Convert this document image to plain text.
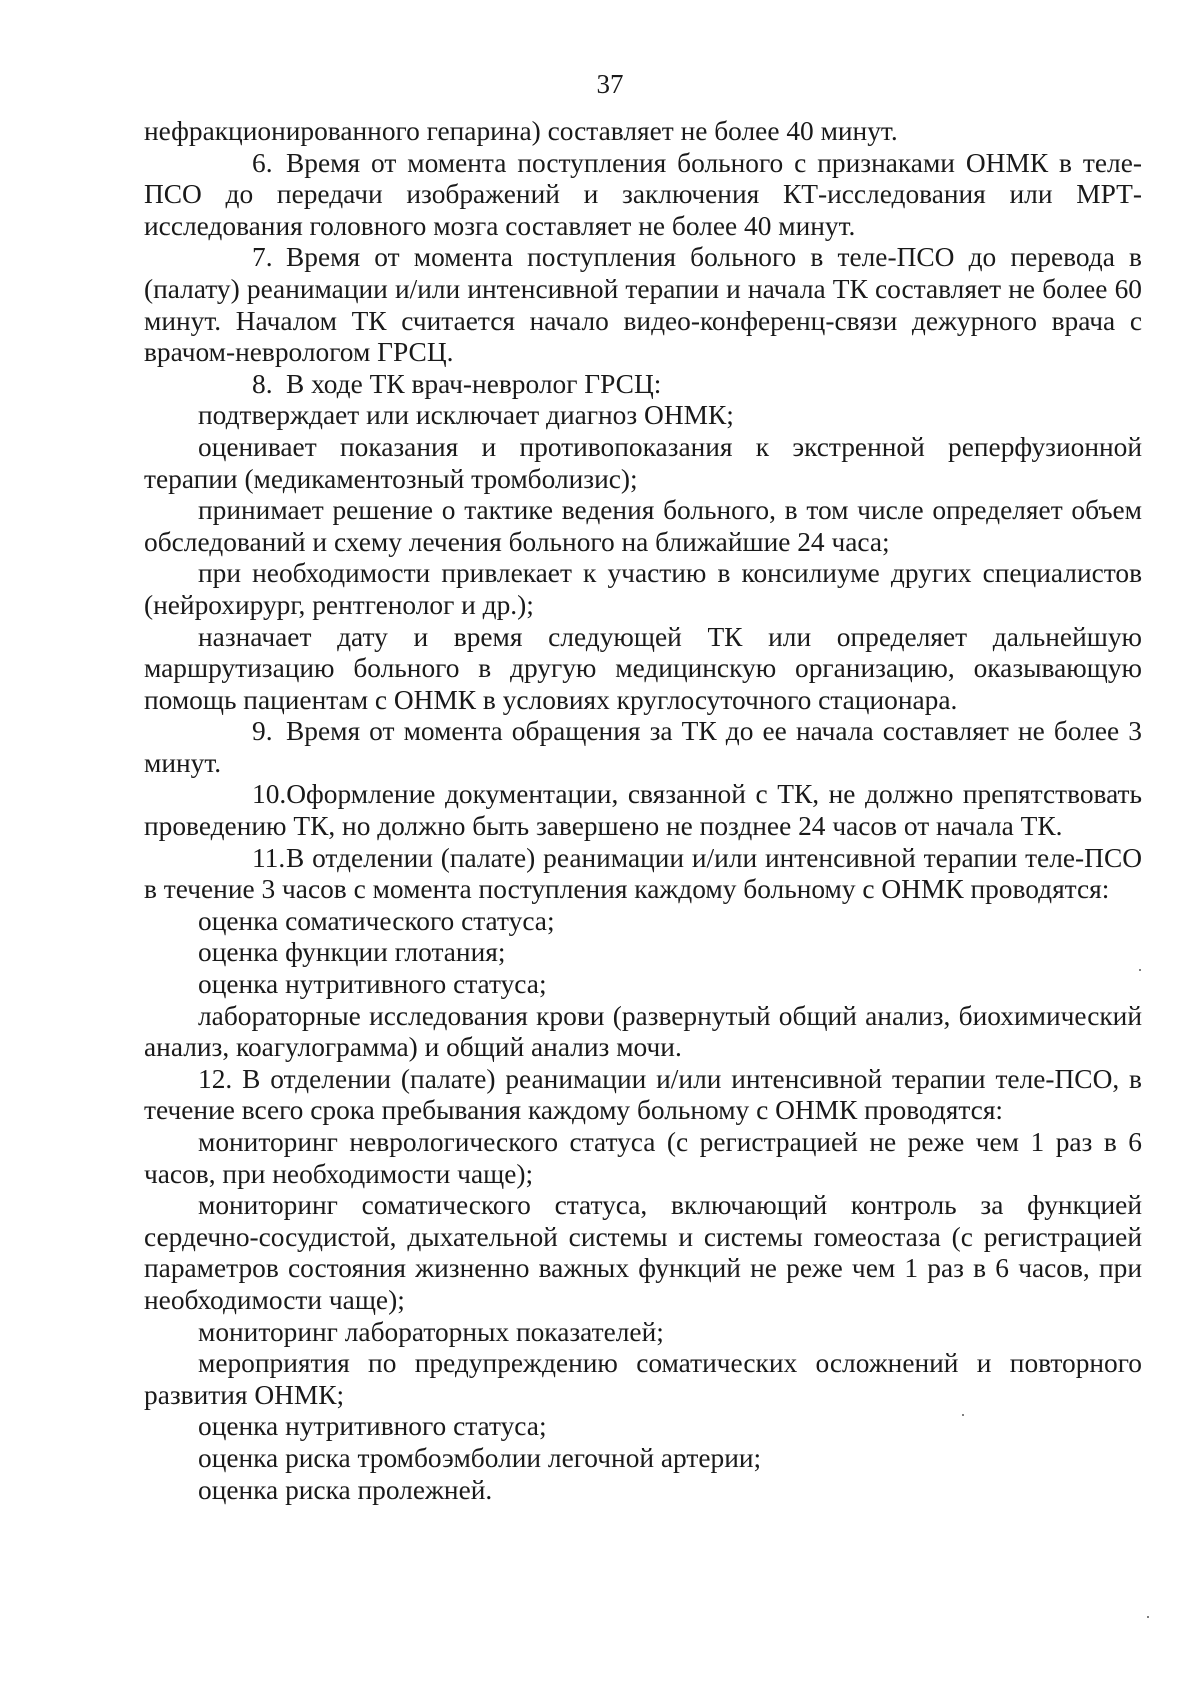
37

нефракционированного гепарина) составляет не более 40 минут.

6. Время от момента поступления больного с признаками ОНМК в теле-ПСО до передачи изображений и заключения КТ-исследования или МРТ-исследования головного мозга составляет не более 40 минут.

7. Время от момента поступления больного в теле-ПСО до перевода в (палату) реанимации и/или интенсивной терапии и начала ТК составляет не более 60 минут. Началом ТК считается начало видео-конференц-связи дежурного врача с врачом-неврологом ГРСЦ.

8. В ходе ТК врач-невролог ГРСЦ:

подтверждает или исключает диагноз ОНМК;

оценивает показания и противопоказания к экстренной реперфузионной терапии (медикаментозный тромболизис);

принимает решение о тактике ведения больного, в том числе определяет объем обследований и схему лечения больного на ближайшие 24 часа;

при необходимости привлекает к участию в консилиуме других специалистов (нейрохирург, рентгенолог и др.);

назначает дату и время следующей ТК или определяет дальнейшую маршрутизацию больного в другую медицинскую организацию, оказывающую помощь пациентам с ОНМК в условиях круглосуточного стационара.

9. Время от момента обращения за ТК до ее начала составляет не более 3 минут.

10.Оформление документации, связанной с ТК, не должно препятствовать проведению ТК, но должно быть завершено не позднее 24 часов от начала ТК.

11.В отделении (палате) реанимации и/или интенсивной терапии теле-ПСО в течение 3 часов с момента поступления каждому больному с ОНМК проводятся:

оценка соматического статуса;

оценка функции глотания;

оценка нутритивного статуса;

лабораторные исследования крови (развернутый общий анализ, биохимический анализ, коагулограмма) и общий анализ мочи.

12. В отделении (палате) реанимации и/или интенсивной терапии теле-ПСО, в течение всего срока пребывания каждому больному с ОНМК проводятся:

мониторинг неврологического статуса (с регистрацией не реже чем 1 раз в 6 часов, при необходимости чаще);

мониторинг соматического статуса, включающий контроль за функцией сердечно-сосудистой, дыхательной системы и системы гомеостаза (с регистрацией параметров состояния жизненно важных функций не реже чем 1 раз в 6 часов, при необходимости чаще);

мониторинг лабораторных показателей;

мероприятия по предупреждению соматических осложнений и повторного развития ОНМК;

оценка нутритивного статуса;

оценка риска тромбоэмболии легочной артерии;

оценка риска пролежней.
